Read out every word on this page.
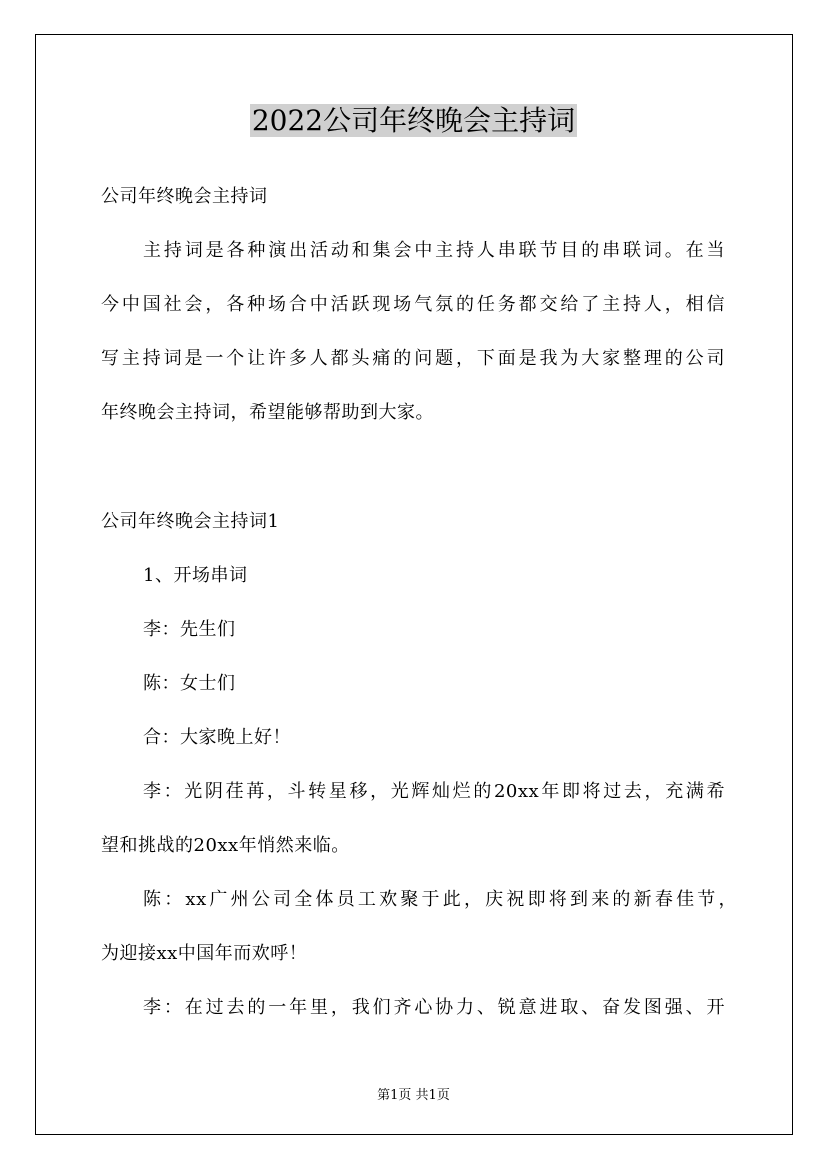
2022公司年终晚会主持词
公司年终晚会主持词
主持词是各种演出活动和集会中主持人串联节目的串联词。在当
今中国社会，各种场合中活跃现场气氛的任务都交给了主持人，相信
写主持词是一个让许多人都头痛的问题，下面是我为大家整理的公司
年终晚会主持词，希望能够帮助到大家。
公司年终晚会主持词1
1、开场串词
李：先生们
陈：女士们
合：大家晚上好！
李：光阴荏苒，斗转星移，光辉灿烂的20xx年即将过去，充满希
望和挑战的20xx年悄然来临。
陈：xx广州公司全体员工欢聚于此，庆祝即将到来的新春佳节，
为迎接xx中国年而欢呼！
李：在过去的一年里，我们齐心协力、锐意进取、奋发图强、开
第1页 共1页
